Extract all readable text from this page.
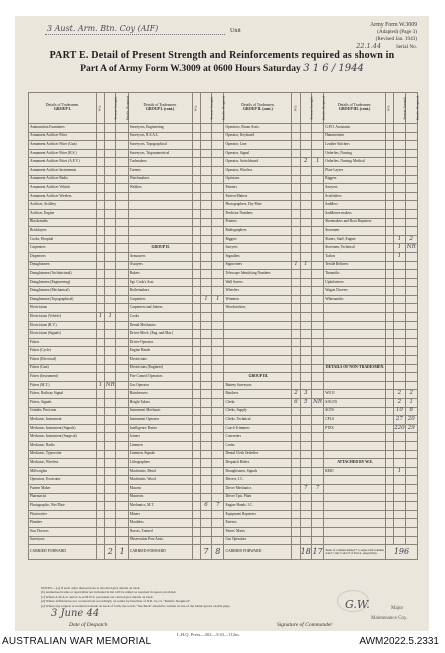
3 Aust. Arm. Btn. Coy (AIF)	Unit
Army Form W.3009
(Adapted) (Page 3)
(Revised Jan. 1943)
22.1.44	Serial No.
PART E. Detail of Present Strength and Reinforcements required as shown in
Part A of Army Form W.3009 at 0600 Hours Saturday 3 1 6 / 1944
Details of Tradesmen.
GROUP I.	W.S.	Present Strength.	Reinfts. Required.	Details of Tradesmen.
GROUP I. (cont.)	W.S.	Present Strength.	Reinfts. Required.	Details of Tradesmen.
GROUP II. (cont.)	W.S.	Present Strength.	Reinfts. Required.	Details of Tradesmen.
GROUP III. (cont.)	W.S.	Present Strength.	Reinfts. Required.
Ammunition Examiners				Surveyors, Engineering				Operators, Room Assts.				G.P.O. Assistants			
Armament Artificer Fitter				Surveyors, R.S.A.L.				Operator, Keyboard				Hammermen			
Armament Artificer Fitter (Gun)				Surveyors, Topographical				Operator, Line				Leather Stitchers			
Armament Artificer Fitter (R.S.)				Surveyors, Trigonometrical				Operator, Signal				Orderlies, Nursing			
Armament Artificer Fitter (A.F.V.)				Toolmakers				Operator, Switchboard		2	1	Orderlies, Nursing Medical			
Armament Artificer Instruments				Turners				Operator, Wireless				Plate Layers			
Armament Artificer Radio				Watchmakers				Opticians				Riggers			
Armament Artificer Vehicle				Welders				Painters				Sawyers			
Armament Artificer Wireless								Pattern Makers				Scaffolders			
Artificer, Artillery								Photographers, Dry Plate				Saddlers			
Artificer, Engine								Predictor Numbers				Saddletree makers			
Blacksmiths								Printers				Shoemakers and Boot Repairers			
Bricklayers								Radiographers				Storemen			
Cooks, Hospital								Riggers				Slaters, Staff, Engine		1	2
Carpenters				GROUP II.				Sawyers				Storemen, Technical		1	NR
Dispensers				Armourers				Signallers				Tailors		1	
Draughtsmen				Assayers				Signwriters	1	1		Textile Refiners			
Draughtsmen (Architectural)				Bakers				Telescope Identifying Numbers				Tinsmiths			
Draughtsmen (Engineering)				Sgt. Cook's Asst.				Wall Savers				Upholsterers			
Draughtsmen (Mechanical)				Boilermakers				Wheelers				Wagon Drovers			
Draughtsmen (Topographical)				Carpenters		1	1	Wiremen				Whitesmiths			
Electricians				Carpenters and Joiners				Woodworkers							
Electricians (Vehicle)	1	1		Cooks											
Electricians (R.V.)				Dental Mechanics											
Electricians (Signals)				Driver-Mech. (Eng. and Mar.)											
Fitters				Driver-Operator											
Fitters (Cycle)				Engine Hands											
Fitters (Electrical)				Electricians											
Fitters (Gun)				Electricians (Engineer)								DETAILS OF NON-TRADESMEN.			
Fitters (Instrument)				Fire Control Operators				GROUP III.							
Fitters (M.T.)	1	NR		Gas Operator				Battery Surveyors							
Fitters, Railway Signal				Hairdressers				Butchers	2	3		WO II		2	2
Fitters, Signals				Height Takers				Clerks	6	5	NR	S/SGTS		2	1
Grinder, Precision				Instrument Mechanic				Clerks, Supply				SGTS		10	8
Mechanic, Instrument				Instrument Operator				Clerks, Technical				CPLS		27	20
Mechanic, Instrument (Signals)				Intelligence Duties				Coach Trimmers				PTES		220	29
Mechanic, Instrument (Surgical)				Joiners				Concreters							
Mechanic, Radio				Linemen				Cooks							
Mechanic, Typewriter				Linemen, Signals				Dental Clerk Orderlies							
Mechanic, Wireless				Lithographers				Despatch Riders				ATTACHED BY W.E.			
Millwrights				Machinists, Metal				Draughtsmen, Signals				RMO		1	
Operators, Excavator				Machinists, Wood				Drivers, I.C.							
Pattern Maker				Masons				Driver Mechanics		7	7				
Pharmacist				Masseurs				Driver Tpts. Plant							
Photographic, Wet Plate				Mechanics, M.T.		6	7	Engine Hands, I.C.							
Photowriter				Miners				Equipment Repairers							
Plumber				Moulders				Farriers							
Saw Doctors				Nurses, Trained				Fitters' Mates							
Surveyors				Observation Post Assts.				Gas Operators							
CARRIED FORWARD		2	1	CARRIED FORWARD		7	8	CARRIED FORWARD		18	17	Totals of columns marked * to agree with columns 4 and 7, line 5 and 15 of Part A, respectively.	196		
NOTES.—(a) If such other than persons is involved give details on back.
(b) Authorised trades or specialists not included in list will be added as required in spaces provided.
(c) Where A.W.A.S. and/or A.A.M.W.S. personnel are carried give details on back.
(d) Where deficiencies not covered note accordingly on return by insertion of N.R. in col. "Reinfts. Required".
(e) Where any request or notation is made on back of form, the words "See Back" should be written in one of the blank spaces on this page.
3 June 44
Date of Despatch
G.W.	Major
Maintenance Coy.
Signature of Commander
L.H.Q. Press—202—5/43—112m.
AUSTRALIAN WAR MEMORIAL	AWM2022.5.2331
